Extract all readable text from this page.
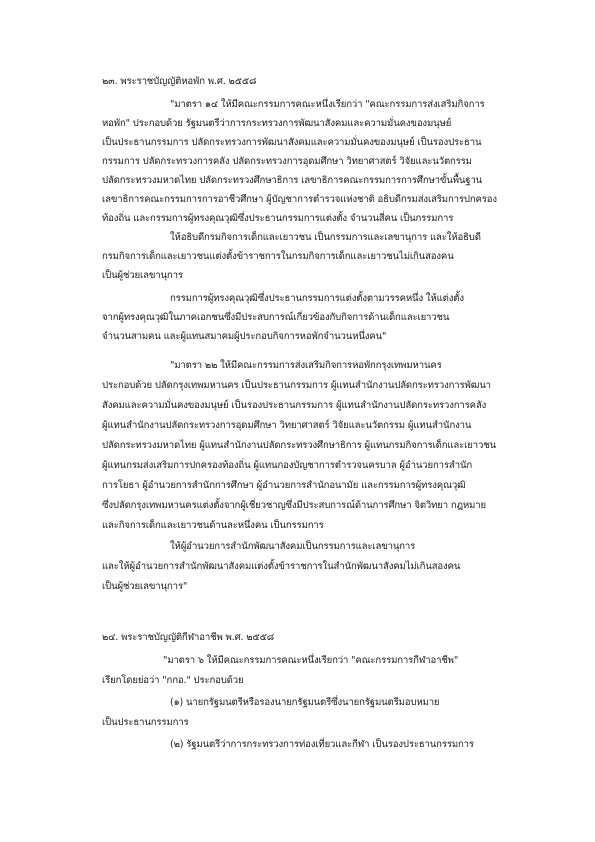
๒๓. พระราชบัญญัติหอพัก พ.ศ. ๒๕๕๘
"มาตรา ๑๔ ให้มีคณะกรรมการคณะหนึ่งเรียกว่า "คณะกรรมการส่งเสริมกิจการ
หอพัก" ประกอบด้วย รัฐมนตรีว่าการกระทรวงการพัฒนาสังคมและความมั่นคงของมนุษย์
เป็นประธานกรรมการ ปลัดกระทรวงการพัฒนาสังคมและความมั่นคงของมนุษย์ เป็นรองประธาน
กรรมการ ปลัดกระทรวงการคลัง ปลัดกระทรวงการอุดมศึกษา วิทยาศาสตร์ วิจัยและนวัตกรรม
ปลัดกระทรวงมหาดไทย ปลัดกระทรวงศึกษาธิการ เลขาธิการคณะกรรมการการศึกษาขั้นพื้นฐาน
เลขาธิการคณะกรรมการการอาชีวศึกษา ผู้บัญชาการตำรวจแห่งชาติ อธิบดีกรมส่งเสริมการปกครอง
ท้องถิ่น และกรรมการผู้ทรงคุณวุฒิซึ่งประธานกรรมการแต่งตั้ง จำนวนสี่คน เป็นกรรมการ
ให้อธิบดีกรมกิจการเด็กและเยาวชน เป็นกรรมการและเลขานุการ และให้อธิบดี
กรมกิจการเด็กและเยาวชนแต่งตั้งข้าราชการในกรมกิจการเด็กและเยาวชนไม่เกินสองคน
เป็นผู้ช่วยเลขานุการ
กรรมการผู้ทรงคุณวุฒิซึ่งประธานกรรมการแต่งตั้งตามวรรคหนึ่ง ให้แต่งตั้ง
จากผู้ทรงคุณวุฒิในภาคเอกชนซึ่งมีประสบการณ์เกี่ยวข้องกับกิจการด้านเด็กและเยาวชน
จำนวนสามคน และผู้แทนสมาคมผู้ประกอบกิจการหอพักจำนวนหนึ่งคน"
"มาตรา ๒๒ ให้มีคณะกรรมการส่งเสริมกิจการหอพักกรุงเทพมหานคร
ประกอบด้วย ปลัดกรุงเทพมหานคร เป็นประธานกรรมการ ผู้แทนสำนักงานปลัดกระทรวงการพัฒนา
สังคมและความมั่นคงของมนุษย์ เป็นรองประธานกรรมการ ผู้แทนสำนักงานปลัดกระทรวงการคลัง
ผู้แทนสำนักงานปลัดกระทรวงการอุดมศึกษา วิทยาศาสตร์ วิจัยและนวัตกรรม ผู้แทนสำนักงาน
ปลัดกระทรวงมหาดไทย ผู้แทนสำนักงานปลัดกระทรวงศึกษาธิการ ผู้แทนกรมกิจการเด็กและเยาวชน
ผู้แทนกรมส่งเสริมการปกครองท้องถิ่น ผู้แทนกองบัญชาการตำรวจนครบาล ผู้อำนวยการสำนัก
การโยธา ผู้อำนวยการสำนักการศึกษา ผู้อำนวยการสำนักอนามัย และกรรมการผู้ทรงคุณวุฒิ
ซึ่งปลัดกรุงเทพมหานครแต่งตั้งจากผู้เชี่ยวชาญซึ่งมีประสบการณ์ด้านการศึกษา จิตวิทยา กฎหมาย
และกิจการเด็กและเยาวชนด้านละหนึ่งคน เป็นกรรมการ
ให้ผู้อำนวยการสำนักพัฒนาสังคมเป็นกรรมการและเลขานุการ
และให้ผู้อำนวยการสำนักพัฒนาสังคมแต่งตั้งข้าราชการในสำนักพัฒนาสังคมไม่เกินสองคน
เป็นผู้ช่วยเลขานุการ"
๒๔. พระราชบัญญัติกีฬาอาชีพ พ.ศ. ๒๕๕๘
"มาตรา ๖ ให้มีคณะกรรมการคณะหนึ่งเรียกว่า "คณะกรรมการกีฬาอาชีพ"
เรียกโดยย่อว่า "กกอ." ประกอบด้วย
(๑) นายกรัฐมนตรีหรือรองนายกรัฐมนตรีซึ่งนายกรัฐมนตรีมอบหมาย
เป็นประธานกรรมการ
(๒) รัฐมนตรีว่าการกระทรวงการท่องเที่ยวและกีฬา เป็นรองประธานกรรมการ
